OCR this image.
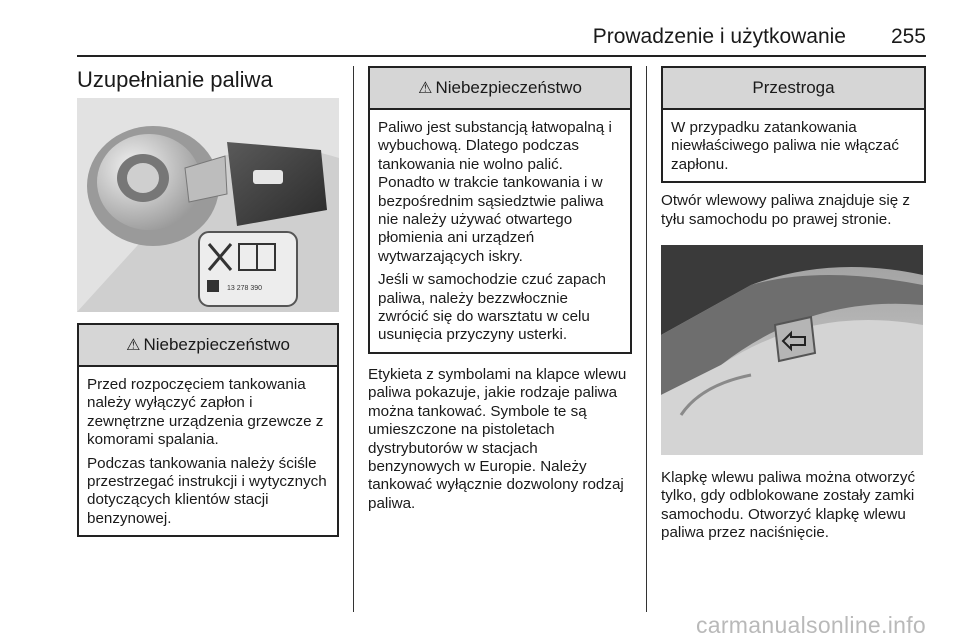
Prowadzenie i użytkowanie 255
Uzupełnianie paliwa
13 278 390
⚠ Niebezpieczeństwo

Przed rozpoczęciem tankowania należy wyłączyć zapłon i zewnętrzne urządzenia grzewcze z komorami spalania.

Podczas tankowania należy ściśle przestrzegać instrukcji i wytycznych dotyczących klientów stacji benzynowej.

⚠ Niebezpieczeństwo

Paliwo jest substancją łatwopalną i wybuchową. Dlatego podczas tankowania nie wolno palić. Ponadto w trakcie tankowania i w bezpośrednim sąsiedztwie paliwa nie należy używać otwartego płomienia ani urządzeń wytwarzających iskry.

Jeśli w samochodzie czuć zapach paliwa, należy bezzwłocznie zwrócić się do warsztatu w celu usunięcia przyczyny usterki.

Etykieta z symbolami na klapce wlewu paliwa pokazuje, jakie rodzaje paliwa można tankować. Symbole te są umieszczone na pistoletach dystrybutorów w stacjach benzynowych w Europie. Należy tankować wyłącznie dozwolony rodzaj paliwa.

Przestroga

W przypadku zatankowania niewłaściwego paliwa nie włączać zapłonu.

Otwór wlewowy paliwa znajduje się z tyłu samochodu po prawej stronie.

Klapkę wlewu paliwa można otworzyć tylko, gdy odblokowane zostały zamki samochodu. Otworzyć klapkę wlewu paliwa przez naciśnięcie.

carmanualsonline.info
